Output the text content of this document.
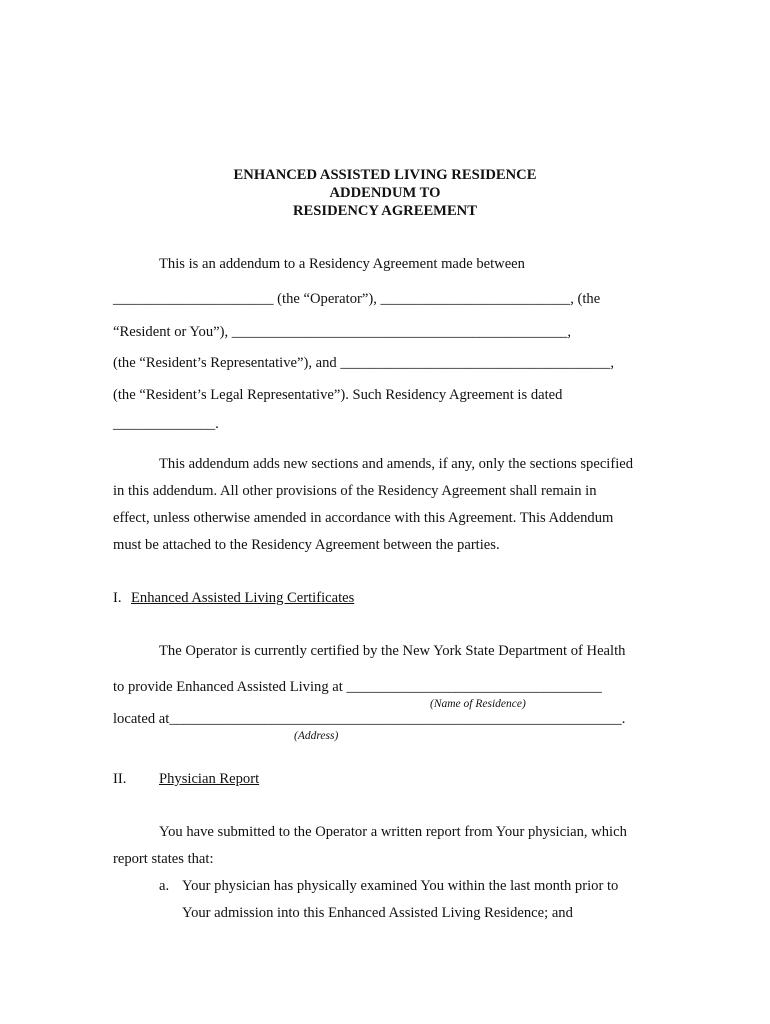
ENHANCED ASSISTED LIVING RESIDENCE
ADDENDUM TO
RESIDENCY AGREEMENT
This is an addendum to a Residency Agreement made between
______________________ (the “Operator”), __________________________, (the
“Resident or You”), ______________________________________________,
(the “Resident’s Representative”), and _____________________________________,
(the “Resident’s Legal Representative”). Such Residency Agreement is dated
______________.
This addendum adds new sections and amends, if any, only the sections specified
in this addendum. All other provisions of the Residency Agreement shall remain in
effect, unless otherwise amended in accordance with this Agreement. This Addendum
must be attached to the Residency Agreement between the parties.
I. Enhanced Assisted Living Certificates
The Operator is currently certified by the New York State Department of Health
to provide Enhanced Assisted Living at ___________________________________
(Name of Residence)
located at______________________________________________________________.
(Address)
II. Physician Report
You have submitted to the Operator a written report from Your physician, which
report states that:
a. Your physician has physically examined You within the last month prior to
Your admission into this Enhanced Assisted Living Residence; and
